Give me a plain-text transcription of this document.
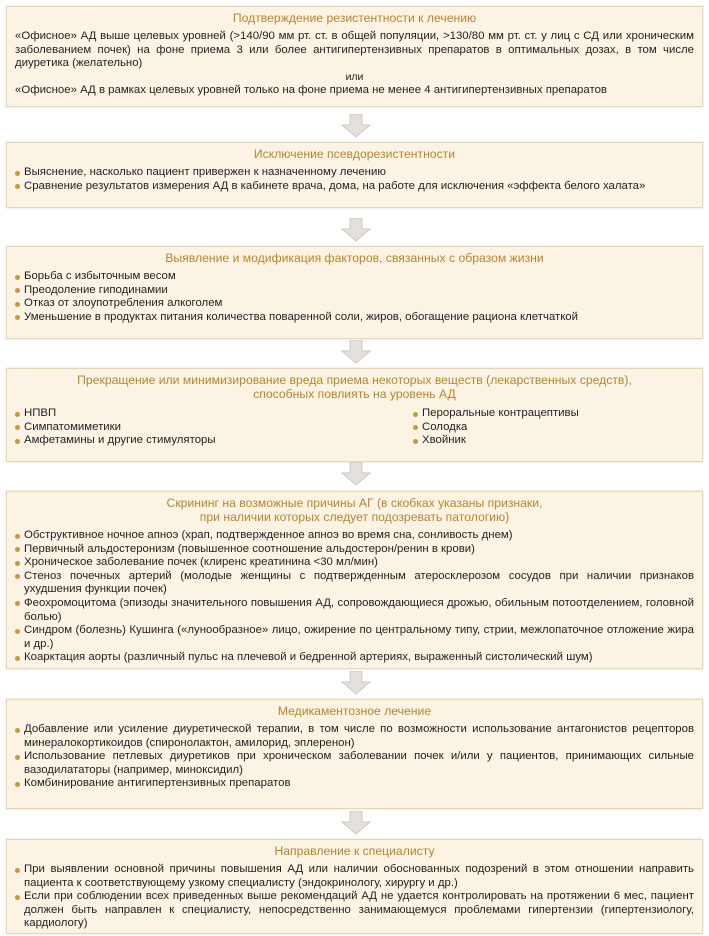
Подтверждение резистентности к лечению
«Офисное» АД выше целевых уровней (>140/90 мм рт. ст. в общей популяции, >130/80 мм рт. ст. у лиц с СД или хроническим заболеванием почек) на фоне приема 3 или более антигипертензивных препаратов в оптимальных дозах, в том числе диуретика (желательно)
или
«Офисное» АД в рамках целевых уровней только на фоне приема не менее 4 антигипертензивных препаратов
Исключение псевдорезистентности
Выяснение, насколько пациент привержен к назначенному лечению
Сравнение результатов измерения АД в кабинете врача, дома, на работе для исключения «эффекта белого халата»
Выявление и модификация факторов, связанных с образом жизни
Борьба с избыточным весом
Преодоление гиподинамии
Отказ от злоупотребления алкоголем
Уменьшение в продуктах питания количества поваренной соли, жиров, обогащение рациона клетчаткой
Прекращение или минимизирование вреда приема некоторых веществ (лекарственных средств),
способных повлиять на уровень АД
НПВП
Симпатомиметики
Амфетамины и другие стимуляторы
Пероральные контрацептивы
Солодка
Хвойник
Скрининг на возможные причины АГ (в скобках указаны признаки,
при наличии которых следует подозревать патологию)
Обструктивное ночное апноэ (храп, подтвержденное апноэ во время сна, сонливость днем)
Первичный альдостеронизм (повышенное соотношение альдостерон/ренин в крови)
Хроническое заболевание почек (клиренс креатинина <30 мл/мин)
Стеноз почечных артерий (молодые женщины с подтвержденным атеросклерозом сосудов при наличии признаков ухудшения функции почек)
Феохромоцитома (эпизоды значительного повышения АД, сопровождающиеся дрожью, обильным потоотделением, головной болью)
Синдром (болезнь) Кушинга («лунообразное» лицо, ожирение по центральному типу, стрии, межлопаточное отложение жира и др.)
Коарктация аорты (различный пульс на плечевой и бедренной артериях, выраженный систолический шум)
Медикаментозное лечение
Добавление или усиление диуретической терапии, в том числе по возможности использование антагонистов рецепторов минералокортикоидов (спиронолактон, амилорид, эплеренон)
Использование петлевых диуретиков при хроническом заболевании почек и/или у пациентов, принимающих сильные вазодилататоры (например, миноксидил)
Комбинирование антигипертензивных препаратов
Направление к специалисту
При выявлении основной причины повышения АД или наличии обоснованных подозрений в этом отношении направить пациента к соответствующему узкому специалисту (эндокринологу, хирургу и др.)
Если при соблюдении всех приведенных выше рекомендаций АД не удается контролировать на протяжении 6 мес, пациент должен быть направлен к специалисту, непосредственно занимающемуся проблемами гипертензии (гипертензиологу, кардиологу)
